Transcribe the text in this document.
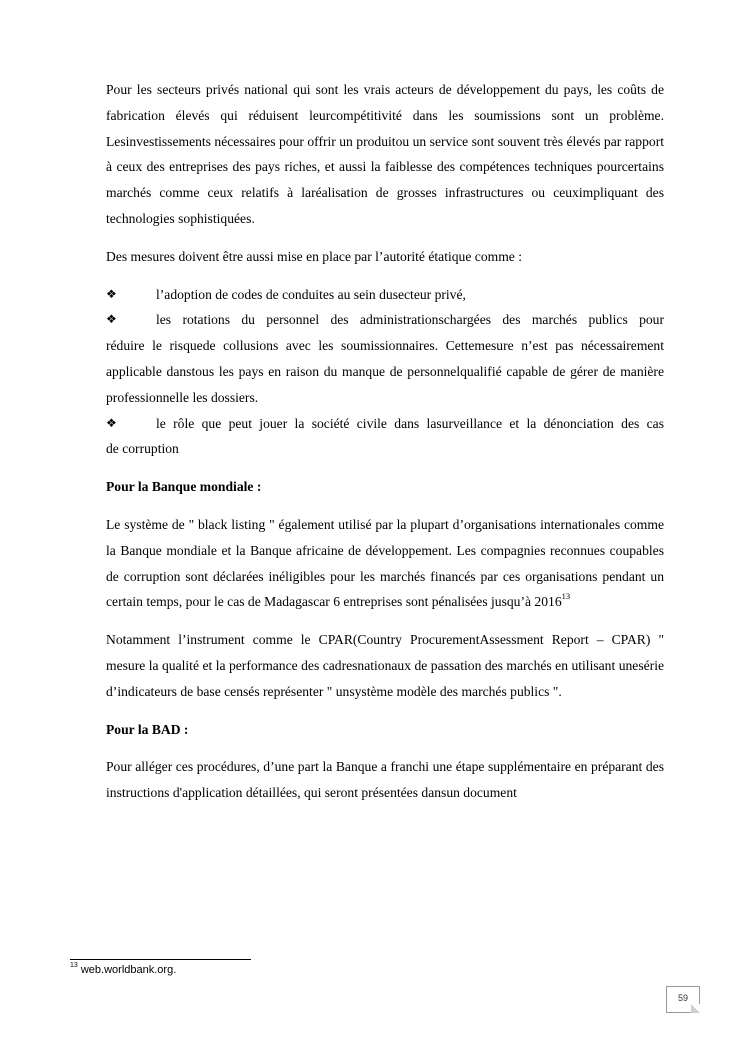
Pour les secteurs privés national qui sont les vrais acteurs de développement du pays, les coûts de fabrication élevés qui réduisent leurcompétitivité dans les soumissions sont un problème. Lesinvestissements nécessaires pour offrir un produitou un service sont souvent très élevés par rapport à ceux des entreprises des pays riches, et aussi la faiblesse des compétences techniques pourcertains marchés comme ceux relatifs à laréalisation de grosses infrastructures ou ceuximpliquant des technologies sophistiquées.

Des mesures doivent être aussi mise en place par l’autorité étatique comme :

❖	l’adoption de codes de conduites au sein dusecteur privé,
❖	les rotations du personnel des administrationschargées des marchés publics pour
réduire le risquede collusions avec les soumissionnaires. Cettemesure n’est pas nécessairement applicable danstous les pays en raison du manque de personnelqualifié capable de gérer de manière professionnelle les dossiers.
❖	le rôle que peut jouer la société civile dans lasurveillance et la dénonciation des cas
de corruption

Pour la Banque mondiale :

Le système de " black listing " également utilisé par la plupart d’organisations internationales comme la Banque mondiale et la Banque africaine de développement. Les compagnies reconnues coupables de corruption sont déclarées inéligibles pour les marchés financés par ces organisations pendant un certain temps, pour le cas de Madagascar 6 entreprises sont pénalisées jusqu’à 2016$^{13}$

Notamment l’instrument comme le CPAR(Country ProcurementAssessment Report – CPAR) " mesure la qualité et la performance des cadresnationaux de passation des marchés en utilisant unesérie d’indicateurs de base censés représenter " unsystème modèle des marchés publics ".

Pour la BAD :

Pour alléger ces procédures, d’une part la Banque a franchi une étape supplémentaire en préparant des instructions d'application détaillées, qui seront présentées dansun document

$^{13}$ web.worldbank.org.
59
